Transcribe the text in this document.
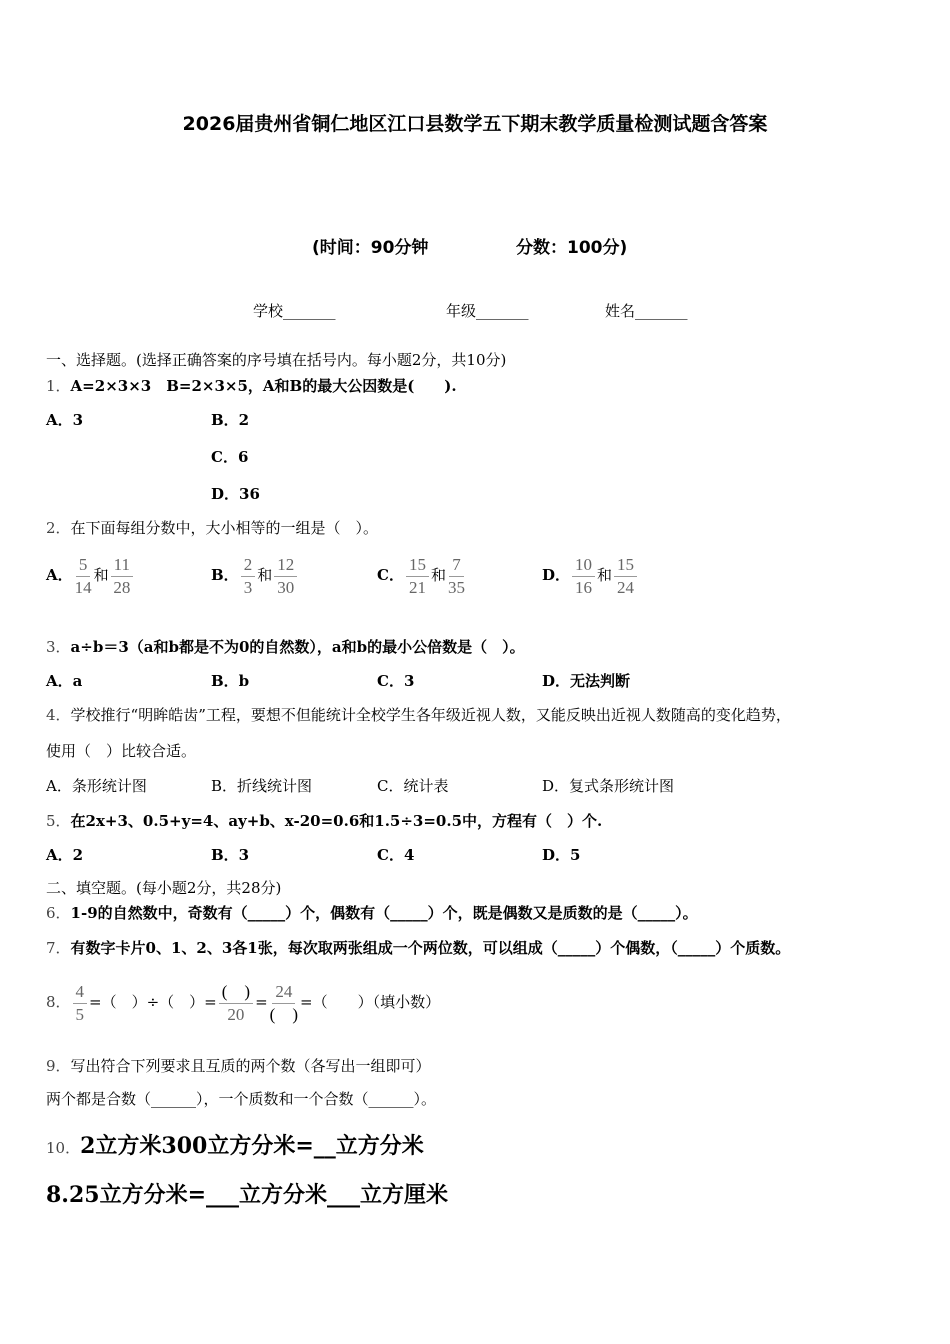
2026届贵州省铜仁地区江口县数学五下期末教学质量检测试题含答案
(时间：90分钟	分数：100分)
学校_______	年级_______	姓名_______
一、选择题。(选择正确答案的序号填在括号内。每小题2分，共10分)
1．A=2×3×3　B=2×3×5，A和B的最大公因数是(　　).
A．3	B．2
C．6
D．36
2．在下面每组分数中，大小相等的一组是（　）。
A． $\frac{5}{14}$ 和 $\frac{11}{28}$	B． $\frac{2}{3}$ 和 $\frac{12}{30}$	C． $\frac{15}{21}$ 和 $\frac{7}{35}$	D． $\frac{10}{16}$ 和 $\frac{15}{24}$
3．a÷b＝3（a和b都是不为0的自然数），a和b的最小公倍数是（　）。
A．a	B．b	C．3	D．无法判断
4．学校推行“明眸皓齿”工程，要想不但能统计全校学生各年级近视人数，又能反映出近视人数随高的变化趋势，
使用（　）比较合适。
A．条形统计图	B．折线统计图	C．统计表	D．复式条形统计图
5．在2x+3、0.5+y=4、ay+b、x-20=0.6和1.5÷3=0.5中，方程有（　）个.
A．2	B．3	C．4	D．5
二、填空题。(每小题2分，共28分)
6．1-9的自然数中，奇数有（_____）个，偶数有（_____）个，既是偶数又是质数的是（_____）。
7．有数字卡片0、1、2、3各1张，每次取两张组成一个两位数，可以组成（_____）个偶数，（_____）个质数。
8． $\frac{4}{5}$ =（　）÷（　）= $\frac{( )}{20} = \frac{24}{( )}$ =（　　）（填小数）
9．写出符合下列要求且互质的两个数（各写出一组即可）
两个都是合数（______），一个质数和一个合数（______）。
10．2立方米300立方分米=__立方分米
8.25立方分米=___立方分米___立方厘米
